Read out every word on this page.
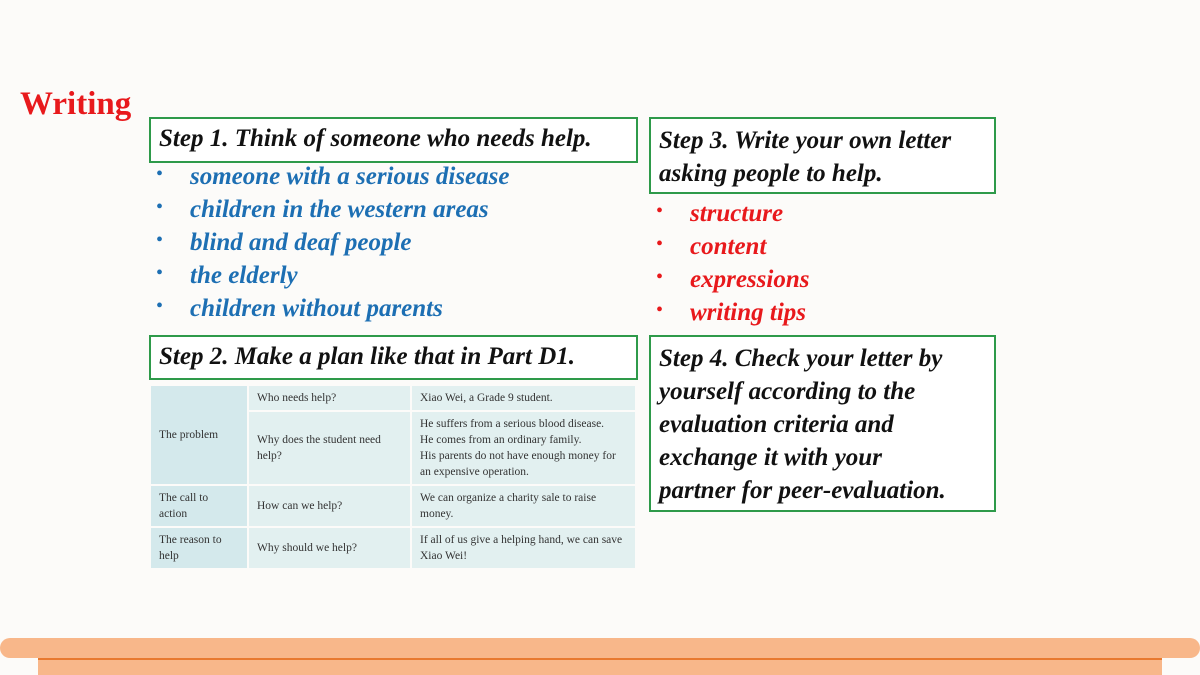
Writing
Step 1. Think of someone who needs help.
• someone with a serious disease
• children in the western areas
• blind and deaf people
• the elderly
• children without parents
Step 3. Write your own letter
asking people to help.
• structure
• content
• expressions
• writing tips
Step 2. Make a plan like that in Part D1.
The problem	Who needs help?	Xiao Wei, a Grade 9 student.
	Why does the student need help?	He suffers from a serious blood disease.
He comes from an ordinary family.
His parents do not have enough money for an expensive operation.

The call to action	How can we help?	We can organize a charity sale to raise money.
The reason to help	Why should we help?	If all of us give a helping hand, we can save Xiao Wei!
Step 4. Check your letter by
yourself according to the
evaluation criteria and
exchange it with your
partner for peer-evaluation.
